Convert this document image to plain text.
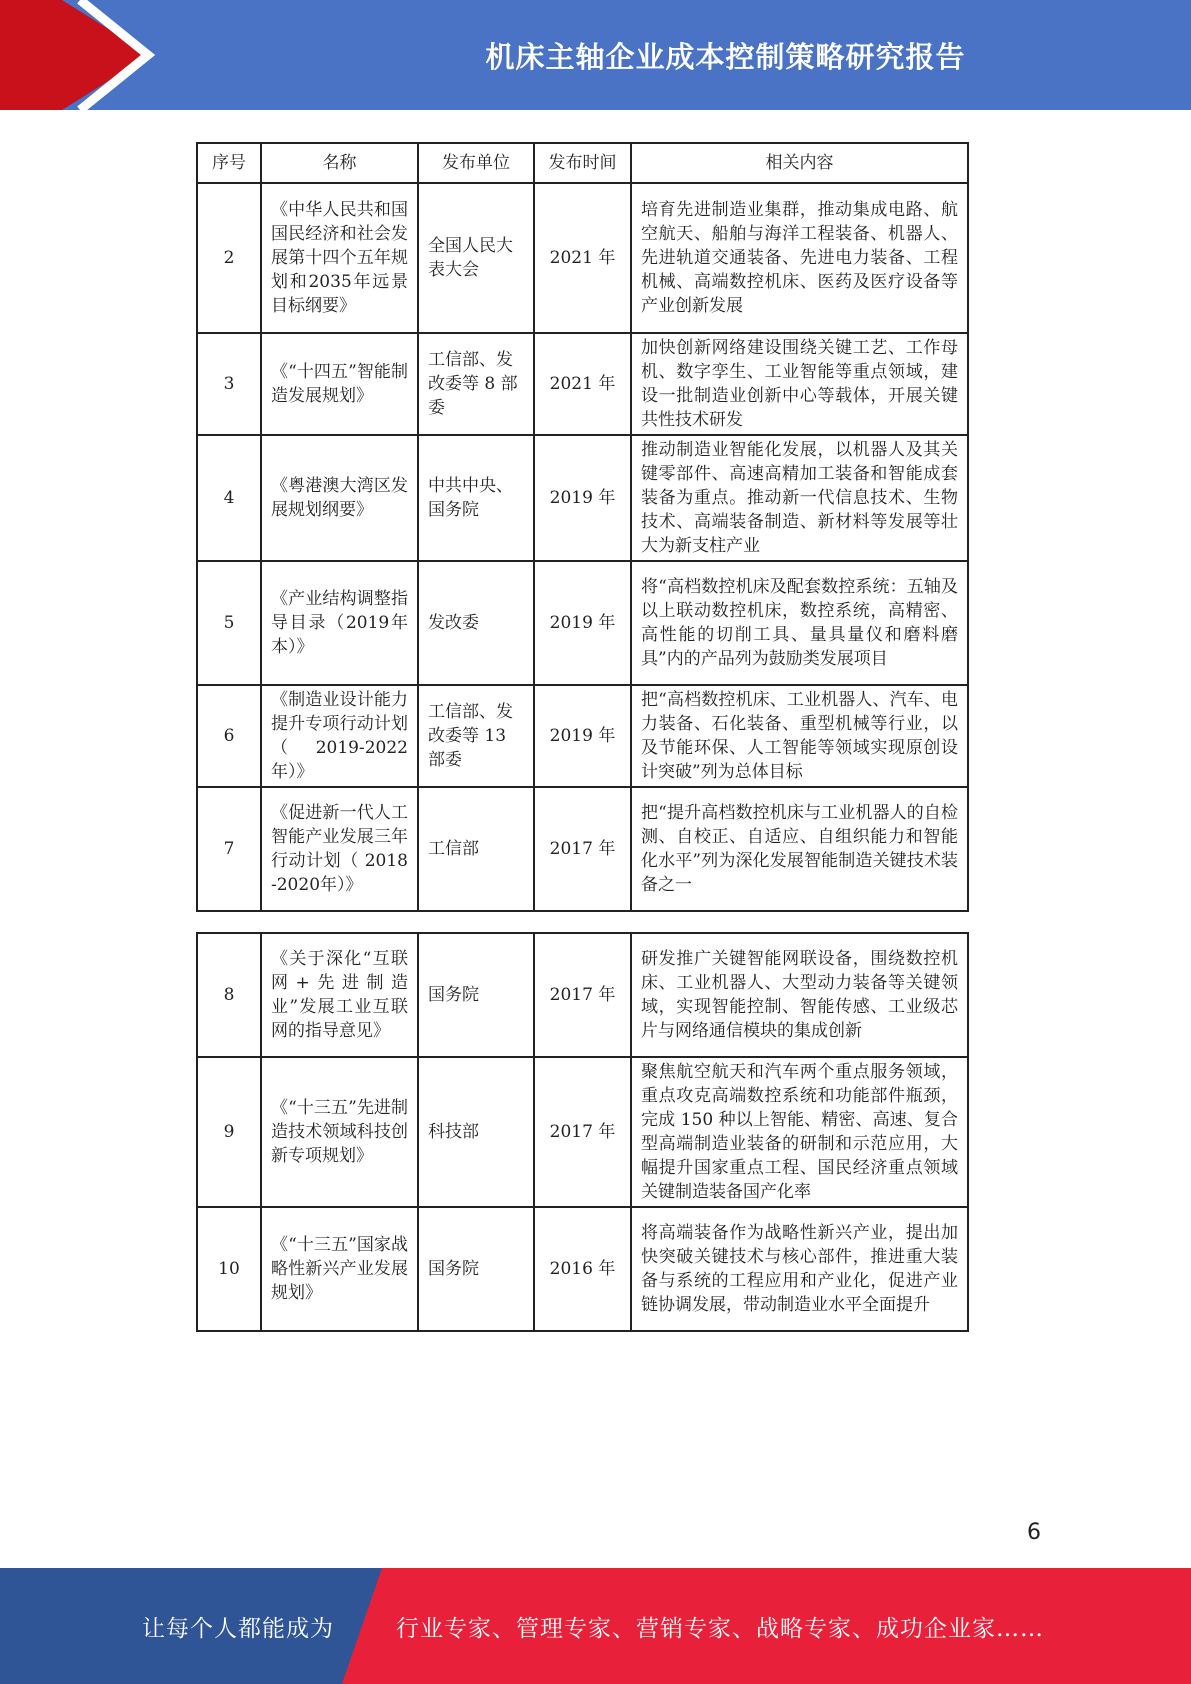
机床主轴企业成本控制策略研究报告
序号	名称	发布单位	发布时间	相关内容
2	《中华人民共和国国民经济和社会发展第十四个五年规划和2035年远景目标纲要》	全国人民大表大会	2021 年	培育先进制造业集群，推动集成电路、航空航天、船舶与海洋工程装备、机器人、先进轨道交通装备、先进电力装备、工程机械、高端数控机床、医药及医疗设备等产业创新发展
3	《“十四五”智能制造发展规划》	工信部、发改委等 8 部委	2021 年	加快创新网络建设围绕关键工艺、工作母机、数字孪生、工业智能等重点领域，建设一批制造业创新中心等载体，开展关键共性技术研发
4	《粤港澳大湾区发展规划纲要》	中共中央、国务院	2019 年	推动制造业智能化发展，以机器人及其关键零部件、高速高精加工装备和智能成套装备为重点。推动新一代信息技术、生物技术、高端装备制造、新材料等发展等壮大为新支柱产业
5	《产业结构调整指导目录（2019年本）》	发改委	2019 年	将“高档数控机床及配套数控系统：五轴及以上联动数控机床，数控系统，高精密、高性能的切削工具、量具量仪和磨料磨具”内的产品列为鼓励类发展项目
6	《制造业设计能力提升专项行动计划（2019-2022年）》	工信部、发改委等 13 部委	2019 年	把“高档数控机床、工业机器人、汽车、电力装备、石化装备、重型机械等行业，以及节能环保、人工智能等领域实现原创设计突破”列为总体目标
7	《促进新一代人工智能产业发展三年行动计划（ 2018-2020年）》	工信部	2017 年	把“提升高档数控机床与工业机器人的自检测、自校正、自适应、自组织能力和智能化水平”列为深化发展智能制造关键技术装备之一
8	《关于深化“互联网+先进制造业”发展工业互联网的指导意见》	国务院	2017 年	研发推广关键智能网联设备，围绕数控机床、工业机器人、大型动力装备等关键领域，实现智能控制、智能传感、工业级芯片与网络通信模块的集成创新
9	《“十三五”先进制造技术领域科技创新专项规划》	科技部	2017 年	聚焦航空航天和汽车两个重点服务领域，重点攻克高端数控系统和功能部件瓶颈，完成 150 种以上智能、精密、高速、复合型高端制造业装备的研制和示范应用，大幅提升国家重点工程、国民经济重点领域关键制造装备国产化率
10	《“十三五”国家战略性新兴产业发展规划》	国务院	2016 年	将高端装备作为战略性新兴产业，提出加快突破关键技术与核心部件，推进重大装备与系统的工程应用和产业化，促进产业链协调发展，带动制造业水平全面提升
6
让每个人都能成为	行业专家、管理专家、营销专家、战略专家、成功企业家……
